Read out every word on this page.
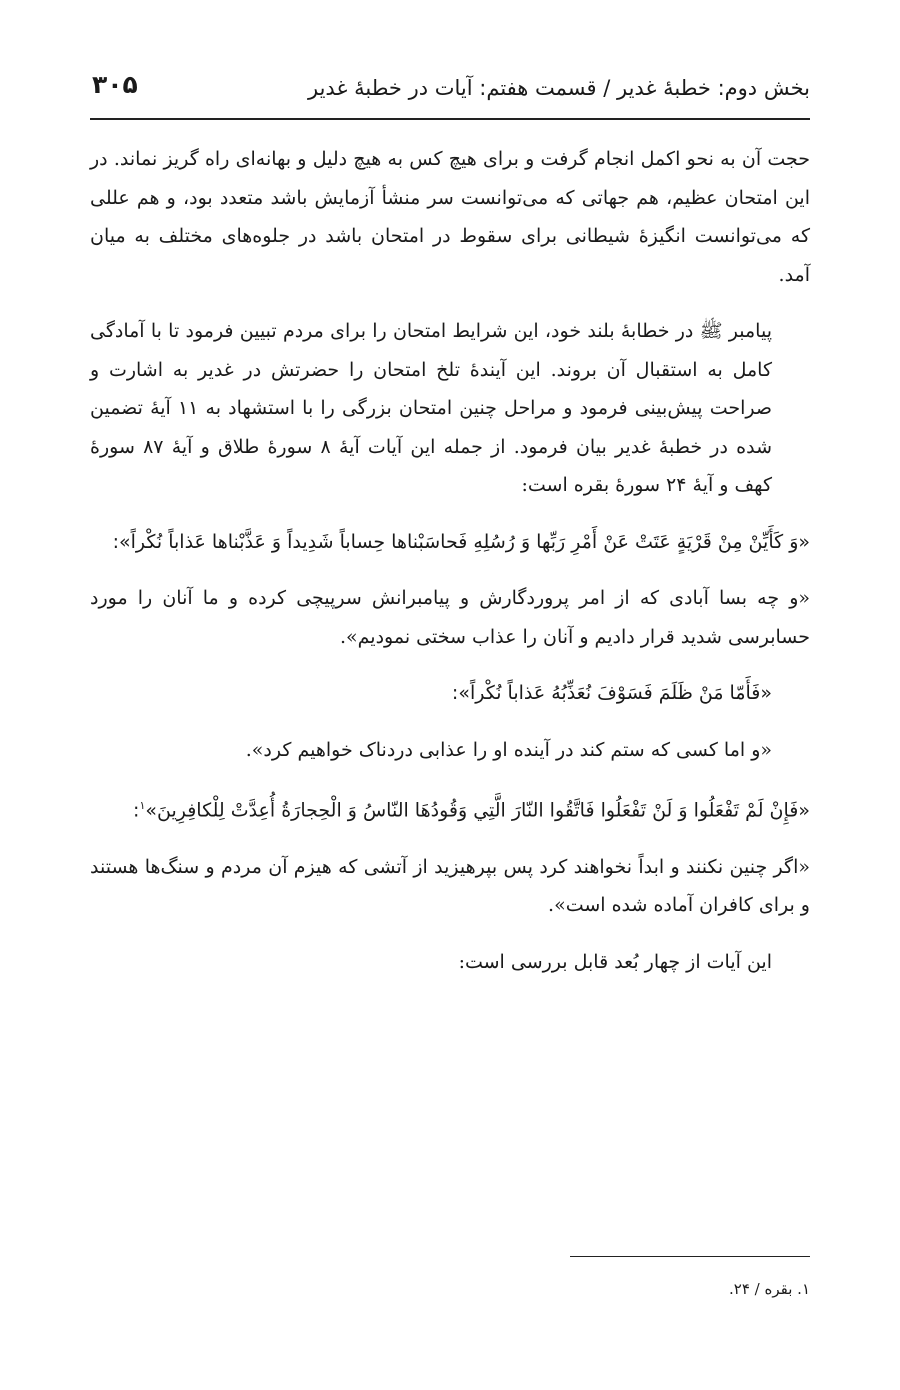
بخش دوم: خطبهٔ غدیر / قسمت هفتم: آیات در خطبهٔ غدیر
۳۰۵

حجت آن به نحو اکمل انجام گرفت و برای هیچ کس به هیچ دلیل و بهانه‌ای راه گریز نماند. در این امتحان عظیم، هم جهاتی که می‌توانست سر منشأ آزمایش باشد متعدد بود، و هم عللی که می‌توانست انگیزهٔ شیطانی برای سقوط در امتحان باشد در جلوه‌های مختلف به میان آمد.

پیامبر ﷺ در خطابهٔ بلند خود، این شرایط امتحان را برای مردم تبیین فرمود تا با آمادگی کامل به استقبال آن بروند. این آیندهٔ تلخ امتحان را حضرتش در غدیر به اشارت و صراحت پیش‌بینی فرمود و مراحل چنین امتحان بزرگی را با استشهاد به ۱۱ آیهٔ تضمین شده در خطبهٔ غدیر بیان فرمود. از جمله این آیات آیهٔ ۸ سورهٔ طلاق و آیهٔ ۸۷ سورهٔ کهف و آیهٔ ۲۴ سورهٔ بقره است:

«وَ كَأَيِّنْ مِنْ قَرْيَةٍ عَتَتْ عَنْ أَمْرِ رَبِّها وَ رُسُلِهِ فَحاسَبْناها حِساباً شَدِيداً وَ عَذَّبْناها عَذاباً نُكْراً»:

«و چه بسا آبادی که از امر پروردگارش و پیامبرانش سرپیچی کرده و ما آنان را مورد حسابرسی شدید قرار دادیم و آنان را عذاب سختی نمودیم».

«فَأَمّا مَنْ ظَلَمَ فَسَوْفَ نُعَذِّبُهُ عَذاباً نُكْراً»:

«و اما کسی که ستم کند در آینده او را عذابی دردناک خواهیم کرد».

«فَإِنْ لَمْ تَفْعَلُوا وَ لَنْ تَفْعَلُوا فَاتَّقُوا النّارَ الَّتِي وَقُودُهَا النّاسُ وَ الْحِجارَةُ أُعِدَّتْ لِلْكافِرِينَ»$^۱$:

«اگر چنین نکنند و ابداً نخواهند کرد پس بپرهیزید از آتشی که هیزم آن مردم و سنگ‌ها هستند و برای کافران آماده شده است».

این آیات از چهار بُعد قابل بررسی است:

۱. بقره / ۲۴.
